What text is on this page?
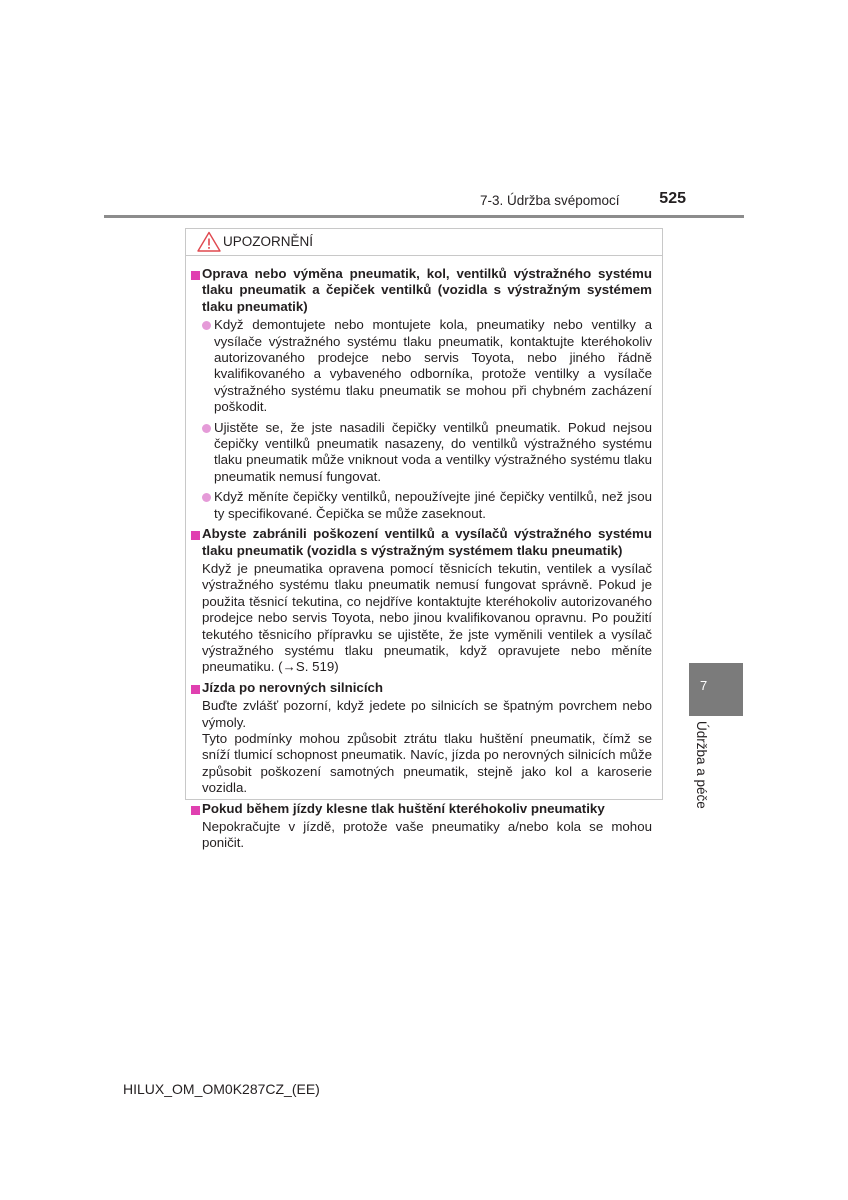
7-3. Údržba svépomocí	525
UPOZORNĚNÍ
Oprava nebo výměna pneumatik, kol, ventilků výstražného systému tlaku pneumatik a čepiček ventilků (vozidla s výstražným systémem tlaku pneumatik)
Když demontujete nebo montujete kola, pneumatiky nebo ventilky a vysílače výstražného systému tlaku pneumatik, kontaktujte kteréhokoliv autorizovaného prodejce nebo servis Toyota, nebo jiného řádně kvalifikovaného a vybaveného odborníka, protože ventilky a vysílače výstražného systému tlaku pneumatik se mohou při chybném zacházení poškodit.
Ujistěte se, že jste nasadili čepičky ventilků pneumatik. Pokud nejsou čepičky ventilků pneumatik nasazeny, do ventilků výstražného systému tlaku pneumatik může vniknout voda a ventilky výstražného systému tlaku pneumatik nemusí fungovat.
Když měníte čepičky ventilků, nepoužívejte jiné čepičky ventilků, než jsou ty specifikované. Čepička se může zaseknout.
Abyste zabránili poškození ventilků a vysílačů výstražného systému tlaku pneumatik (vozidla s výstražným systémem tlaku pneumatik)
Když je pneumatika opravena pomocí těsnicích tekutin, ventilek a vysílač výstražného systému tlaku pneumatik nemusí fungovat správně. Pokud je použita těsnicí tekutina, co nejdříve kontaktujte kteréhokoliv autorizovaného prodejce nebo servis Toyota, nebo jinou kvalifikovanou opravnu. Po použití tekutého těsnicího přípravku se ujistěte, že jste vyměnili ventilek a vysílač výstražného systému tlaku pneumatik, když opravujete nebo měníte pneumatiku. (→S. 519)
Jízda po nerovných silnicích
Buďte zvlášť pozorní, když jedete po silnicích se špatným povrchem nebo výmoly.
Tyto podmínky mohou způsobit ztrátu tlaku huštění pneumatik, čímž se sníží tlumicí schopnost pneumatik. Navíc, jízda po nerovných silnicích může způsobit poškození samotných pneumatik, stejně jako kol a karoserie vozidla.
Pokud během jízdy klesne tlak huštění kteréhokoliv pneumatiky
Nepokračujte v jízdě, protože vaše pneumatiky a/nebo kola se mohou poničit.
7
Údržba a péče
HILUX_OM_OM0K287CZ_(EE)
